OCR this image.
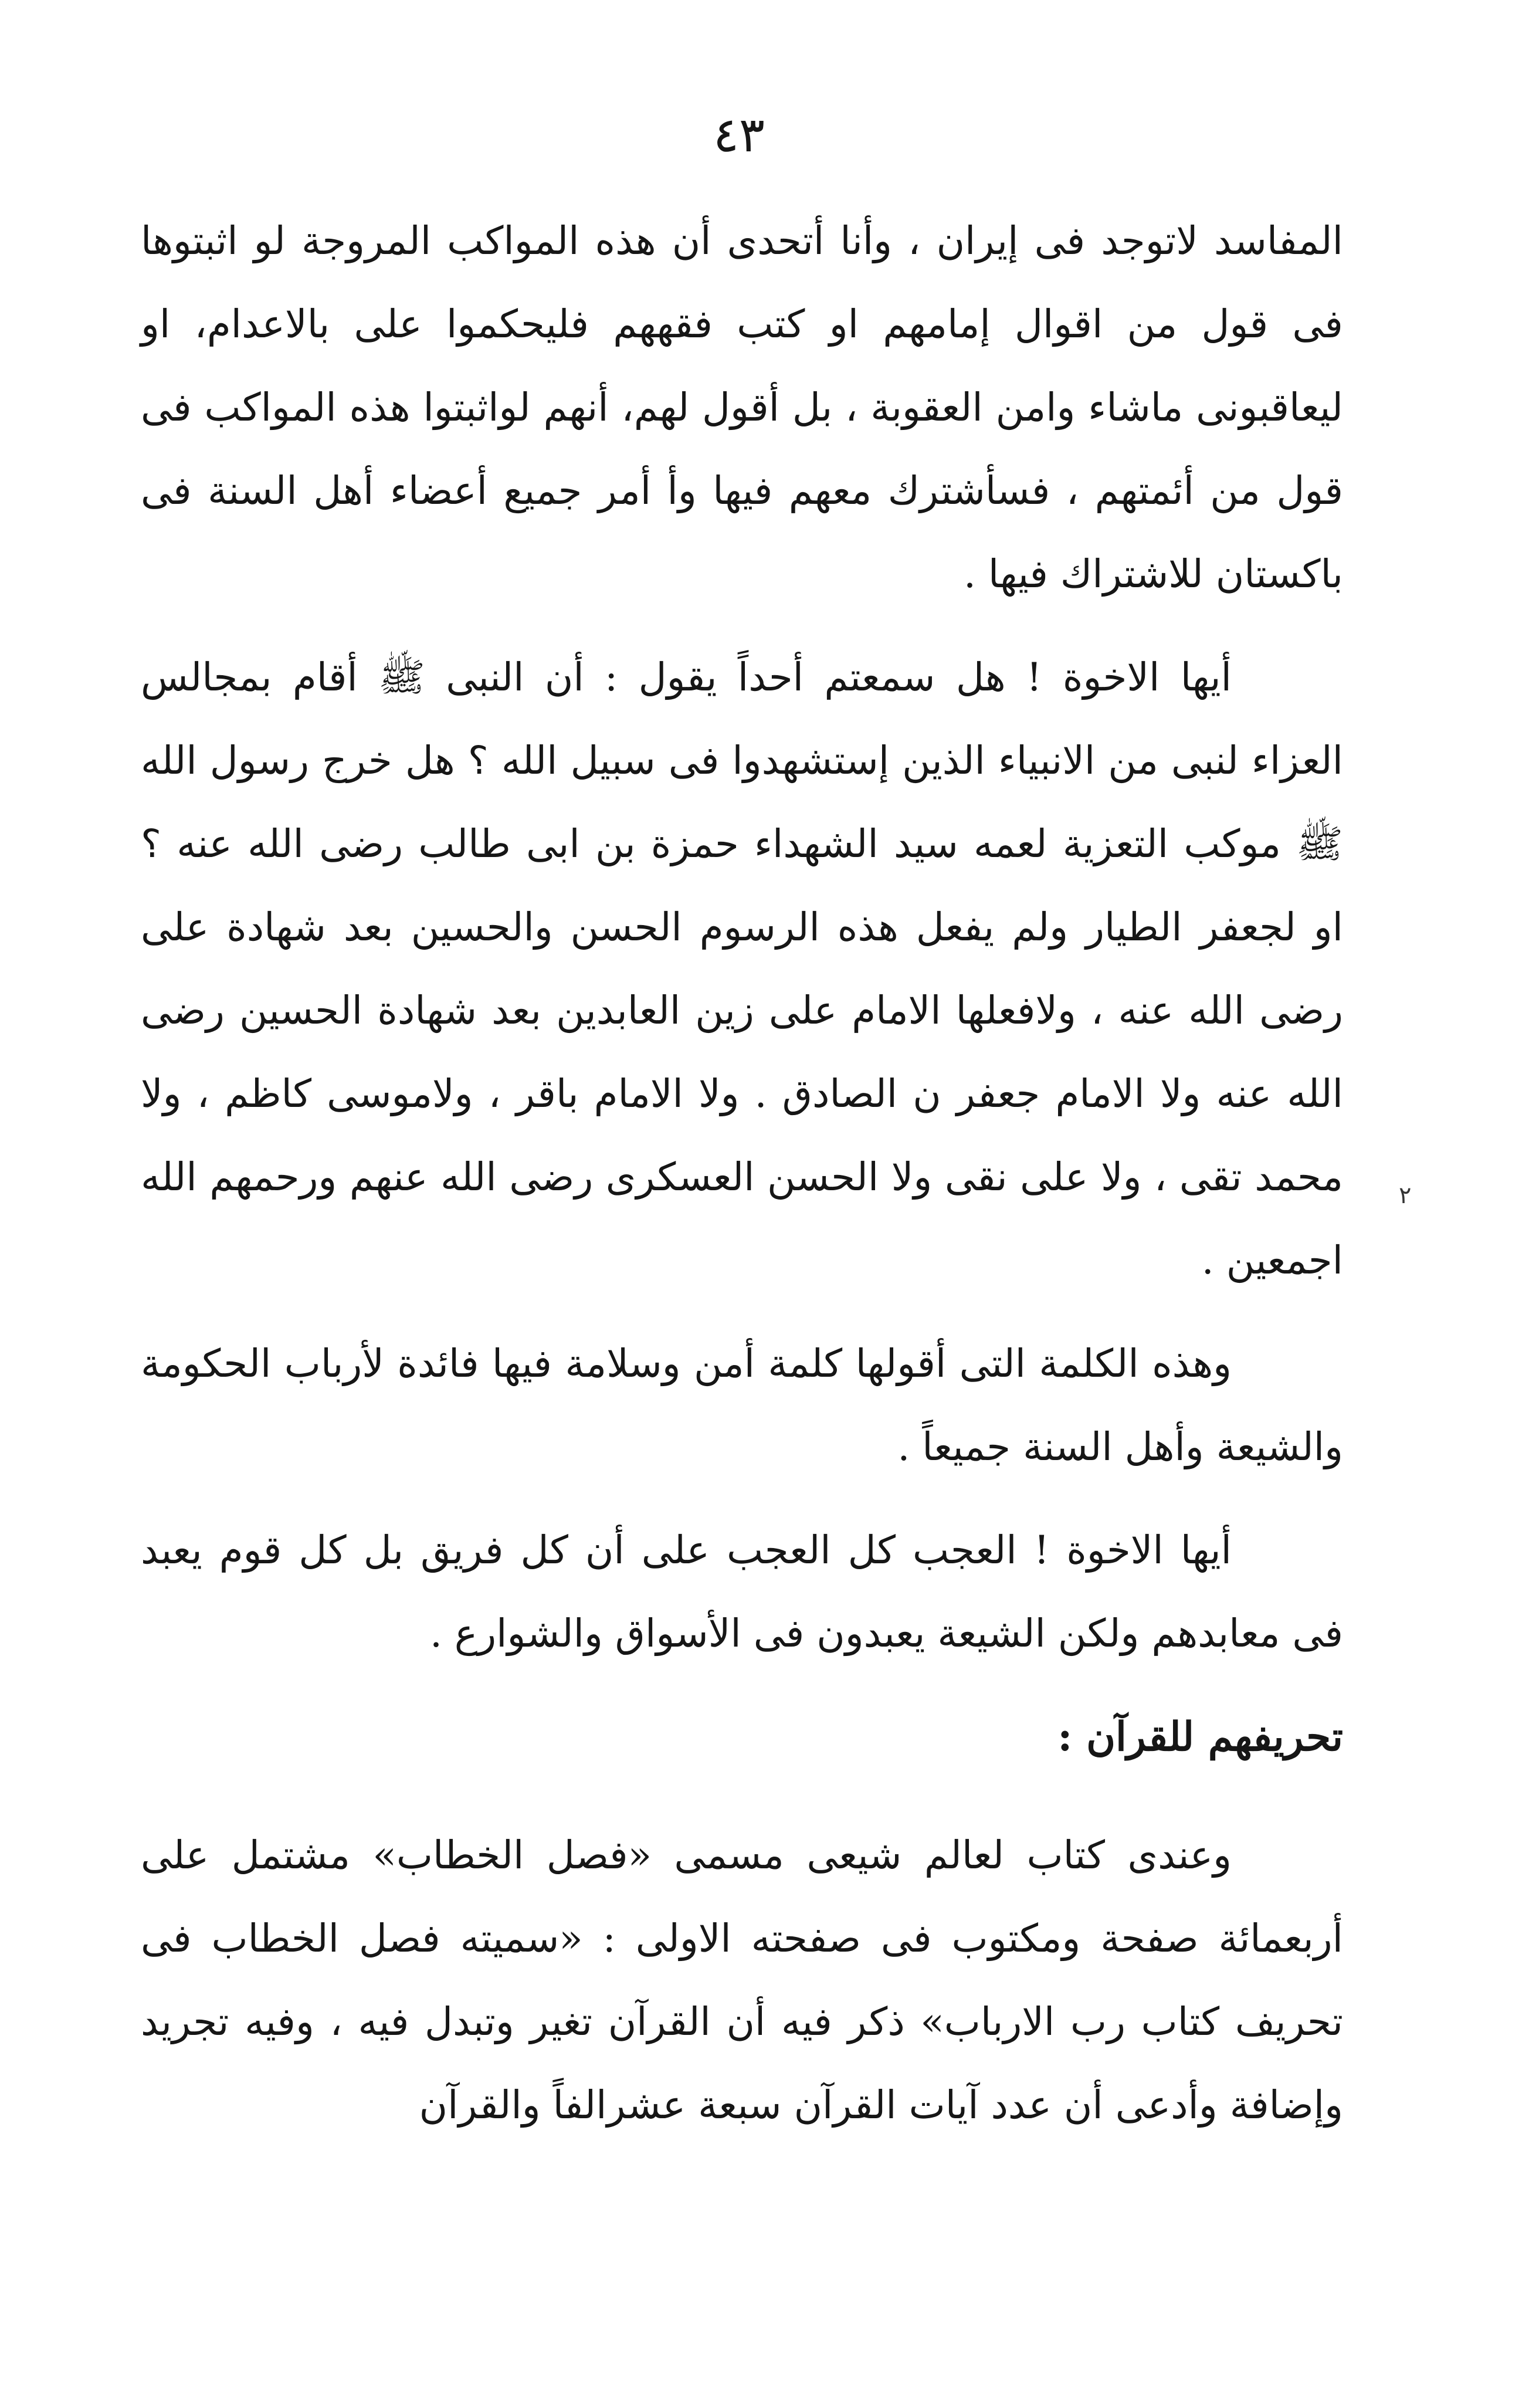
٤٣
٢

المفاسد لاتوجد فى إيران ، وأنا أتحدى أن هذه المواكب المروجة لو اثبتوها فى قول من اقوال إمامهم او كتب فقههم فليحكموا على بالاعدام، او ليعاقبونى ماشاء وامن العقوبة ، بل أقول لهم، أنهم لواثبتوا هذه المواكب فى قول من أئمتهم ، فسأشترك معهم فيها وأ أمر جميع أعضاء أهل السنة فى باكستان للاشتراك فيها .

أيها الاخوة ! هل سمعتم أحداً يقول : أن النبى ﷺ أقام بمجالس العزاء لنبى من الانبياء الذين إستشهدوا فى سبيل الله ؟ هل خرج رسول الله ﷺ موكب التعزية لعمه سيد الشهداء حمزة بن ابى طالب رضى الله عنه ؟ او لجعفر الطيار ولم يفعل هذه الرسوم الحسن والحسين بعد شهادة على رضى الله عنه ، ولافعلها الامام على زين العابدين بعد شهادة الحسين رضى الله عنه ولا الامام جعفر ن الصادق . ولا الامام باقر ، ولاموسى كاظم ، ولا محمد تقى ، ولا على نقى ولا الحسن العسكرى رضى الله عنهم ورحمهم الله اجمعين .

وهذه الكلمة التى أقولها كلمة أمن وسلامة فيها فائدة لأرباب الحكومة والشيعة وأهل السنة جميعاً .

أيها الاخوة ! العجب كل العجب على أن كل فريق بل كل قوم يعبد فى معابدهم ولكن الشيعة يعبدون فى الأسواق والشوارع .

تحريفهم للقرآن :

وعندى كتاب لعالم شيعى مسمى «فصل الخطاب» مشتمل على أربعمائة صفحة ومكتوب فى صفحته الاولى : «سميته فصل الخطاب فى تحريف كتاب رب الارباب» ذكر فيه أن القرآن تغير وتبدل فيه ، وفيه تجريد وإضافة وأدعى أن عدد آيات القرآن سبعة عشرالفاً والقرآن
